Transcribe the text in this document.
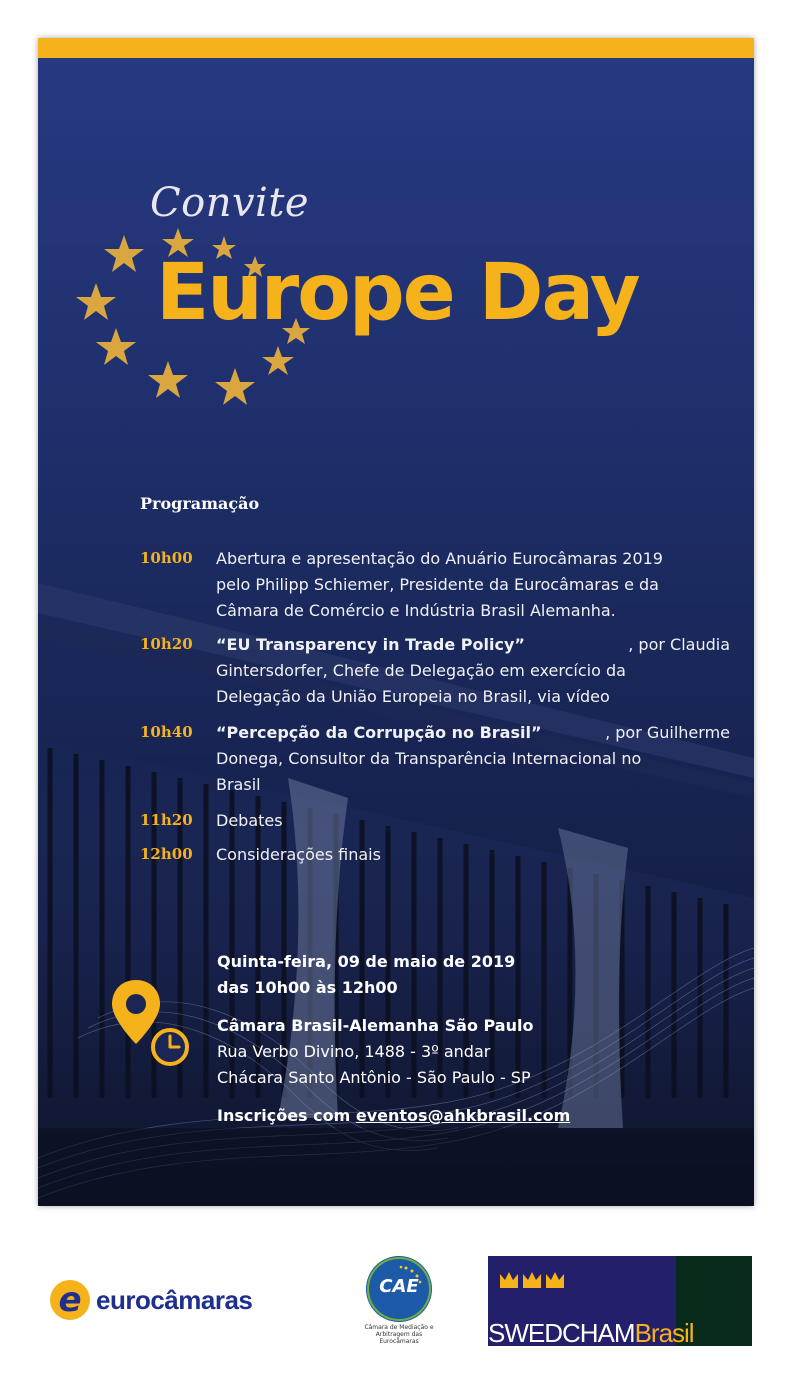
Convite
Europe Day
Programação
10h00 Abertura e apresentação do Anuário Eurocâmaras 2019
pelo Philipp Schiemer, Presidente da Eurocâmaras e da
Câmara de Comércio e Indústria Brasil Alemanha.
10h20 “EU Transparency in Trade Policy”	, por Claudia
Gintersdorfer, Chefe de Delegação em exercício da
Delegação da União Europeia no Brasil, via vídeo
10h40 “Percepção da Corrupção no Brasil”	, por Guilherme
Donega, Consultor da Transparência Internacional no
Brasil
11h20 Debates
12h00 Considerações finais
Quinta-feira, 09 de maio de 2019
das 10h00 às 12h00
Câmara Brasil-Alemanha São Paulo
Rua Verbo Divino, 1488 - 3º andar
Chácara Santo Antônio - São Paulo - SP
Inscrições com eventos@ahkbrasil.com
e eurocâmaras	CAE
Câmara de Mediação e
Arbitragem das Eurocâmaras	SWEDCHAMBrasil
